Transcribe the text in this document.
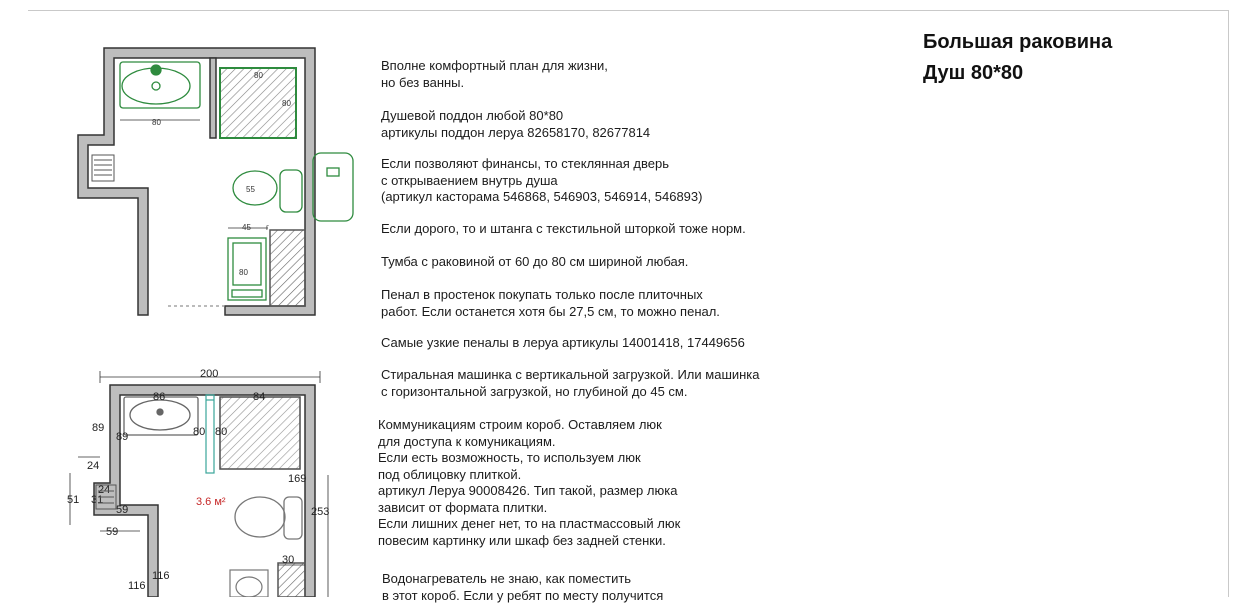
Большая раковина
Душ 80*80

Вполне комфортный план для жизни,
но без ванны.

Душевой поддон любой 80*80
артикулы поддон леруа 82658170, 82677814

Если позволяют финансы, то стеклянная дверь
с открываением внутрь душа
(артикул касторама 546868, 546903, 546914, 546893)

Если дорого, то и штанга с текстильной шторкой тоже норм.

Тумба с раковиной от 60 до 80 см шириной любая.

Пенал в простенок покупать только после плиточных
работ. Если останется хотя бы 27,5 см, то можно пенал.

Самые узкие пеналы в леруа артикулы 14001418, 17449656

Стиральная машинка с вертикальной загрузкой. Или машинка
с горизонтальной загрузкой, но глубиной до 45 см.

Коммуникациям строим короб. Оставляем люк
для доступа к комуникациям.
Если есть возможность, то используем люк
под облицовку плиткой.
артикул Леруа 90008426. Тип такой, размер люка
зависит от формата плитки.
Если лишних денег нет, то на пластмассовый люк
повесим картинку или шкаф без задней стенки.

Водонагреватель не знаю, как поместить
в этот короб. Если у ребят по месту получится

80
80
80
55
45 г
80
200
86	84
89
89	80 80
24
24
51 31
59
59
3.6 м²
169
253
30
116
116
